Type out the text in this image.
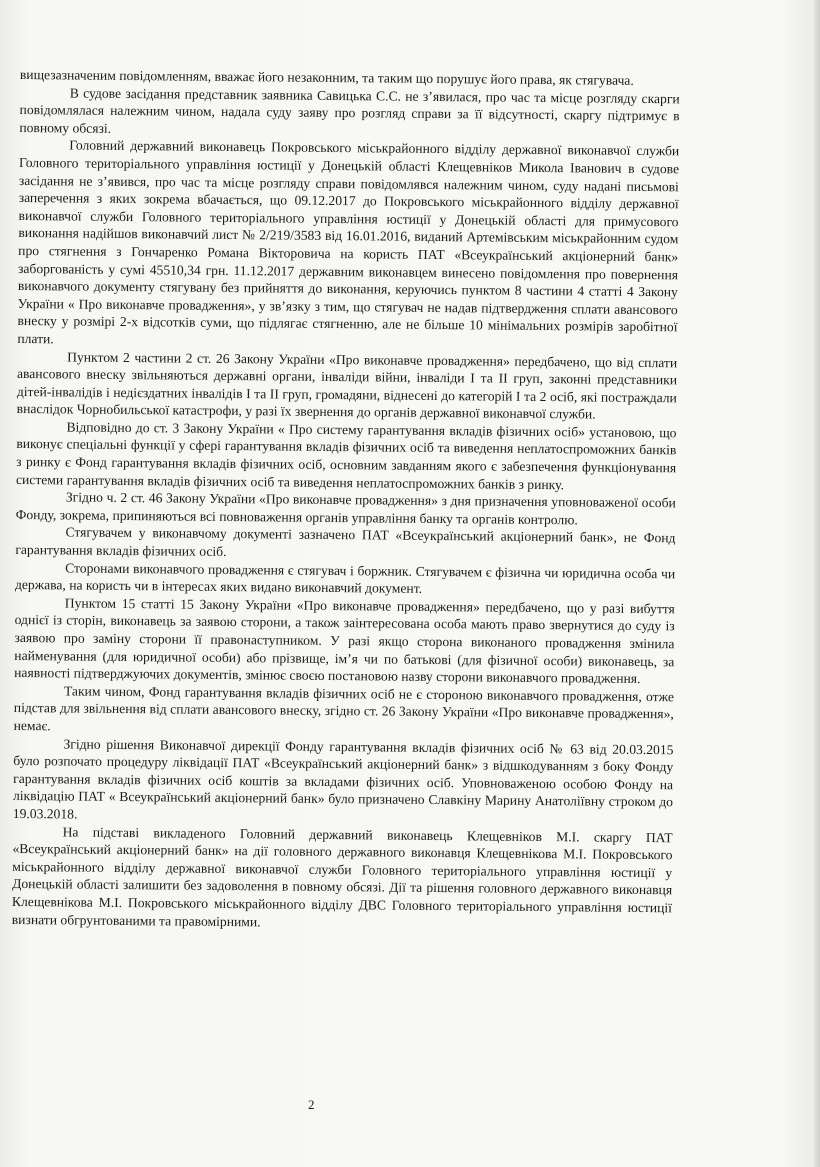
вищезазначеним повідомленням, вважає його незаконним, та таким що порушує його права, як стягувача.

В судове засідання представник заявника Савицька С.С. не з’явилася, про час та місце розгляду скарги повідомлялася належним чином, надала суду заяву про розгляд справи за її відсутності, скаргу підтримує в повному обсязі.

Головний державний виконавець Покровського міськрайонного відділу державної виконавчої служби Головного територіального управління юстиції у Донецькій області Клещевніков Микола Іванович в судове засідання не з’явився, про час та місце розгляду справи повідомлявся належним чином, суду надані письмові заперечення з яких зокрема вбачається, що 09.12.2017 до Покровського міськрайонного відділу державної виконавчої служби Головного територіального управління юстиції у Донецькій області для примусового виконання надійшов виконавчий лист № 2/219/3583 від 16.01.2016, виданий Артемівським міськрайонним судом про стягнення з Гончаренко Романа Вікторовича на користь ПАТ «Всеукраїнський акціонерний банк» заборгованість у сумі 45510,34 грн. 11.12.2017 державним виконавцем винесено повідомлення про повернення виконавчого документу стягувану без прийняття до виконання, керуючись пунктом 8 частини 4 статті 4 Закону України « Про виконавче провадження», у зв’язку з тим, що стягувач не надав підтвердження сплати авансового внеску у розмірі 2-х відсотків суми, що підлягає стягненню, але не більше 10 мінімальних розмірів заробітної плати.

Пунктом 2 частини 2 ст. 26 Закону України «Про виконавче провадження» передбачено, що від сплати авансового внеску звільняються державні органи, інваліди війни, інваліди І та ІІ груп, законні представники дітей-інвалідів і недієздатних інвалідів І та ІІ груп, громадяни, віднесені до категорій І та 2 осіб, які постраждали внаслідок Чорнобильської катастрофи, у разі їх звернення до органів державної виконавчої служби.

Відповідно до ст. 3 Закону України « Про систему гарантування вкладів фізичних осіб» установою, що виконує спеціальні функції у сфері гарантування вкладів фізичних осіб та виведення неплатоспроможних банків з ринку є Фонд гарантування вкладів фізичних осіб, основним завданням якого є забезпечення функціонування системи гарантування вкладів фізичних осіб та виведення неплатоспроможних банків з ринку.

Згідно ч. 2 ст. 46 Закону України «Про виконавче провадження» з дня призначення уповноваженої особи Фонду, зокрема, припиняються всі повноваження органів управління банку та органів контролю.

Стягувачем у виконавчому документі зазначено ПАТ «Всеукраїнський акціонерний банк», не Фонд гарантування вкладів фізичних осіб.

Сторонами виконавчого провадження є стягувач і боржник. Стягувачем є фізична чи юридична особа чи держава, на користь чи в інтересах яких видано виконавчий документ.

Пунктом 15 статті 15 Закону України «Про виконавче провадження» передбачено, що у разі вибуття однієї із сторін, виконавець за заявою сторони, а також заінтересована особа мають право звернутися до суду із заявою про заміну сторони її правонаступником. У разі якщо сторона виконаного провадження змінила найменування (для юридичної особи) або прізвище, ім’я чи по батькові (для фізичної особи) виконавець, за наявності підтверджуючих документів, змінює своєю постановою назву сторони виконавчого провадження.

Таким чином, Фонд гарантування вкладів фізичних осіб не є стороною виконавчого провадження, отже підстав для звільнення від сплати авансового внеску, згідно ст. 26 Закону України «Про виконавче провадження», немає.

Згідно рішення Виконавчої дирекції Фонду гарантування вкладів фізичних осіб № 63 від 20.03.2015 було розпочато процедуру ліквідації ПАТ «Всеукраїнський акціонерний банк» з відшкодуванням з боку Фонду гарантування вкладів фізичних осіб коштів за вкладами фізичних осіб. Уповноваженою особою Фонду на ліквідацію ПАТ « Всеукраїнський акціонерний банк» було призначено Славкіну Марину Анатоліївну строком до 19.03.2018.

На підставі викладеного Головний державний виконавець Клещевніков М.І. скаргу ПАТ «Всеукраїнський акціонерний банк» на дії головного державного виконавця Клещевнікова М.І. Покровського міськрайонного відділу державної виконавчої служби Головного територіального управління юстиції у Донецькій області залишити без задоволення в повному обсязі. Дії та рішення головного державного виконавця Клещевнікова М.І. Покровського міськрайонного відділу ДВС Головного територіального управління юстиції визнати обгрунтованими та правомірними.

2
